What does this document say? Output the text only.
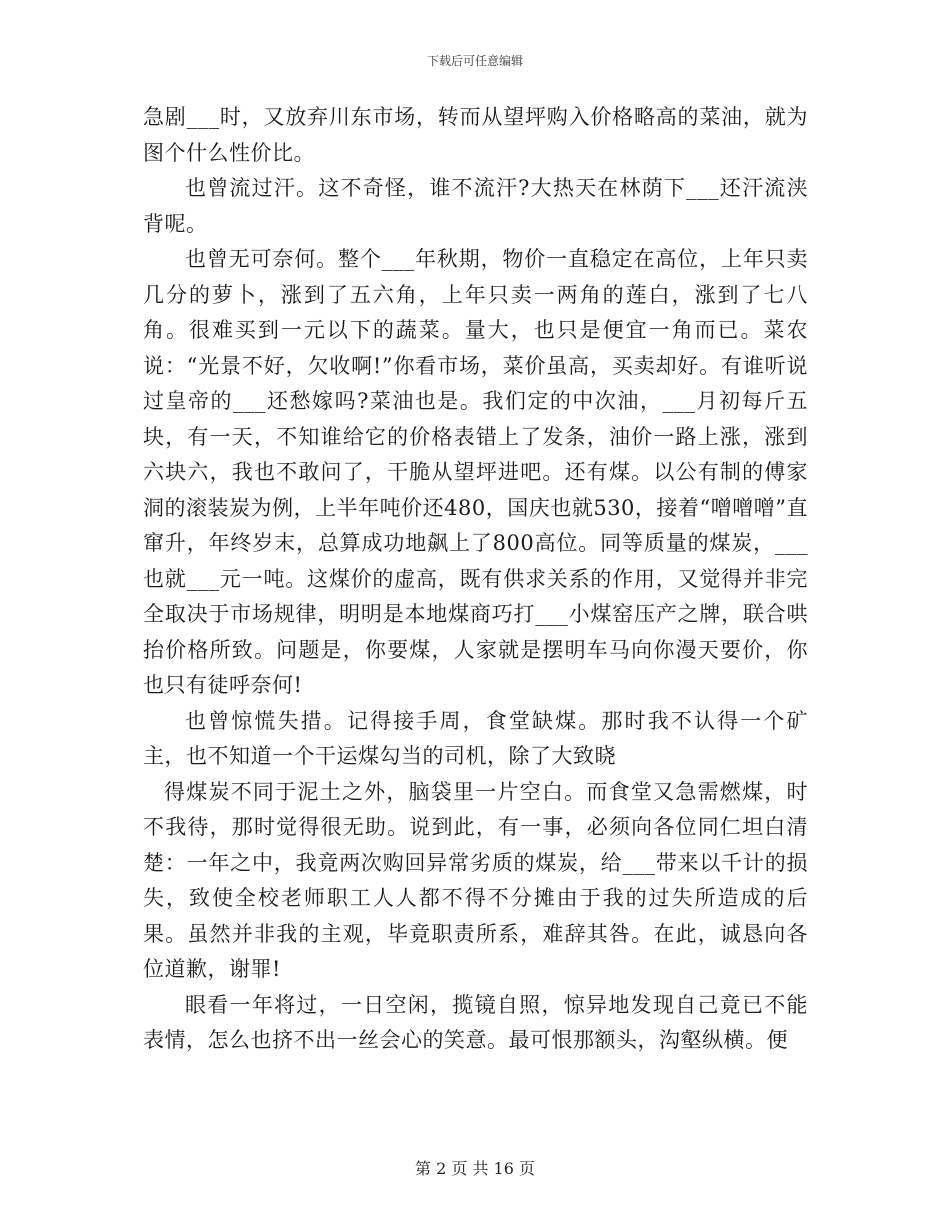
下载后可任意编辑

急剧___时，又放弃川东市场，转而从望坪购入价格略高的菜油，就为图个什么性价比。

也曾流过汗。这不奇怪，谁不流汗?大热天在林荫下___还汗流浃背呢。

也曾无可奈何。整个___年秋期，物价一直稳定在高位，上年只卖几分的萝卜，涨到了五六角，上年只卖一两角的莲白，涨到了七八角。很难买到一元以下的蔬菜。量大，也只是便宜一角而已。菜农说：“光景不好，欠收啊!”你看市场，菜价虽高，买卖却好。有谁听说过皇帝的___还愁嫁吗?菜油也是。我们定的中次油，___月初每斤五块，有一天，不知谁给它的价格表错上了发条，油价一路上涨，涨到六块六，我也不敢问了，干脆从望坪进吧。还有煤。以公有制的傅家洞的滚装炭为例，上半年吨价还480，国庆也就530，接着“噌噌噌”直窜升，年终岁末，总算成功地飙上了800高位。同等质量的煤炭，___也就___元一吨。这煤价的虚高，既有供求关系的作用，又觉得并非完全取决于市场规律，明明是本地煤商巧打___小煤窑压产之牌，联合哄抬价格所致。问题是，你要煤，人家就是摆明车马向你漫天要价，你也只有徒呼奈何!

也曾惊慌失措。记得接手周，食堂缺煤。那时我不认得一个矿主，也不知道一个干运煤勾当的司机，除了大致晓

得煤炭不同于泥土之外，脑袋里一片空白。而食堂又急需燃煤，时不我待，那时觉得很无助。说到此，有一事，必须向各位同仁坦白清楚：一年之中，我竟两次购回异常劣质的煤炭，给___带来以千计的损失，致使全校老师职工人人都不得不分摊由于我的过失所造成的后果。虽然并非我的主观，毕竟职责所系，难辞其咎。在此，诚恳向各位道歉，谢罪!

眼看一年将过，一日空闲，揽镜自照，惊异地发现自己竟已不能表情，怎么也挤不出一丝会心的笑意。最可恨那额头，沟壑纵横。便

第 2 页 共 16 页
